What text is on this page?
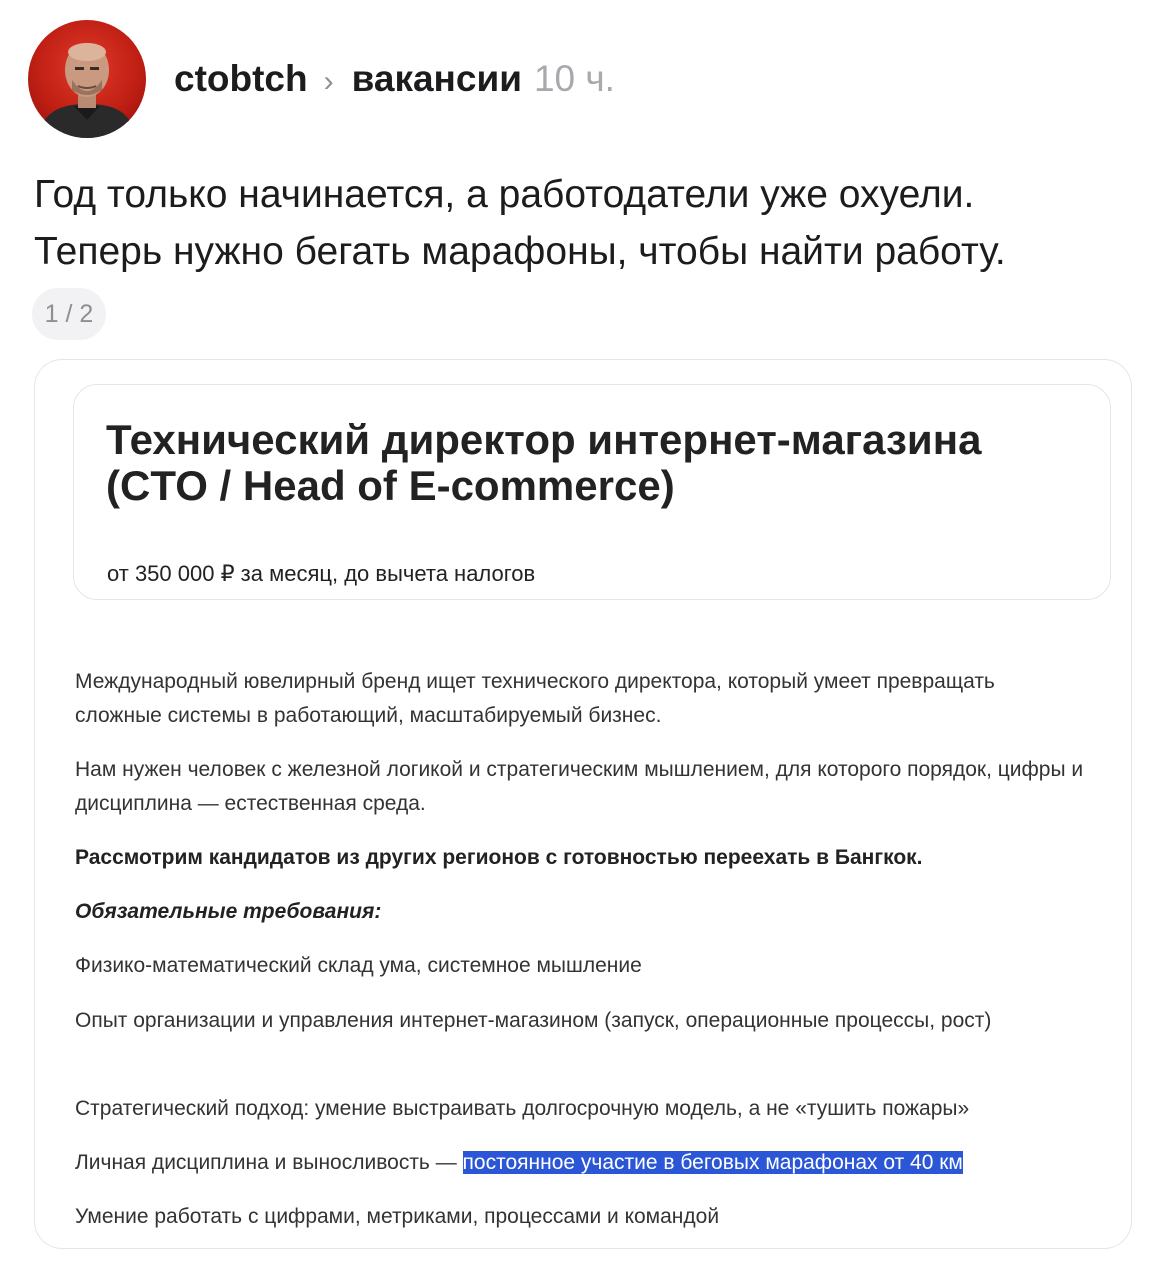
ctobtch › вакансии 10 ч.
Год только начинается, а работодатели уже охуели.
Теперь нужно бегать марафоны, чтобы найти работу.
1 / 2
Технический директор интернет-магазина
(CTO / Head of E-commerce)
от 350 000 ₽ за месяц, до вычета налогов
Международный ювелирный бренд ищет технического директора, который умеет превращать сложные системы в работающий, масштабируемый бизнес.
Нам нужен человек с железной логикой и стратегическим мышлением, для которого порядок, цифры и дисциплина — естественная среда.
Рассмотрим кандидатов из других регионов с готовностью переехать в Бангкок.
Обязательные требования:
Физико-математический склад ума, системное мышление
Опыт организации и управления интернет-магазином (запуск, операционные процессы, рост)
Стратегический подход: умение выстраивать долгосрочную модель, а не «тушить пожары»
Личная дисциплина и выносливость — постоянное участие в беговых марафонах от 40 км
Умение работать с цифрами, метриками, процессами и командой
